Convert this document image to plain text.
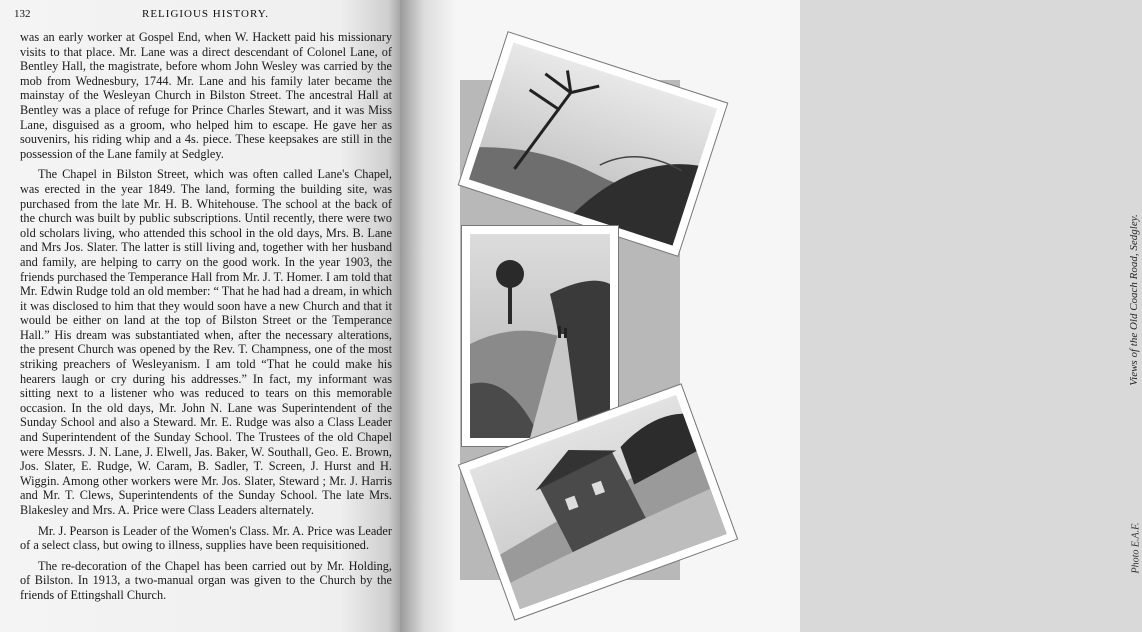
132	RELIGIOUS HISTORY.

was an early worker at Gospel End, when W. Hackett paid his missionary visits to that place. Mr. Lane was a direct descendant of Colonel Lane, of Bentley Hall, the magistrate, before whom John Wesley was carried by the mob from Wednesbury, 1744. Mr. Lane and his family later became the mainstay of the Wesleyan Church in Bilston Street. The ancestral Hall at Bentley was a place of refuge for Prince Charles Stewart, and it was Miss Lane, disguised as a groom, who helped him to escape. He gave her as souvenirs, his riding whip and a 4s. piece. These keepsakes are still in the possession of the Lane family at Sedgley.

The Chapel in Bilston Street, which was often called Lane's Chapel, was erected in the year 1849. The land, forming the building site, was purchased from the late Mr. H. B. Whitehouse. The school at the back of the church was built by public subscriptions. Until recently, there were two old scholars living, who attended this school in the old days, Mrs. B. Lane and Mrs Jos. Slater. The latter is still living and, together with her husband and family, are helping to carry on the good work. In the year 1903, the friends purchased the Temperance Hall from Mr. J. T. Homer. I am told that Mr. Edwin Rudge told an old member: “ That he had had a dream, in which it was disclosed to him that they would soon have a new Church and that it would be either on land at the top of Bilston Street or the Temperance Hall.” His dream was substantiated when, after the necessary alterations, the present Church was opened by the Rev. T. Champness, one of the most striking preachers of Wesleyanism. I am told “That he could make his hearers laugh or cry during his addresses.” In fact, my informant was sitting next to a listener who was reduced to tears on this memorable occasion. In the old days, Mr. John N. Lane was Superintendent of the Sunday School and also a Steward. Mr. E. Rudge was also a Class Leader and Superintendent of the Sunday School. The Trustees of the old Chapel were Messrs. J. N. Lane, J. Elwell, Jas. Baker, W. Southall, Geo. E. Brown, Jos. Slater, E. Rudge, W. Caram, B. Sadler, T. Screen, J. Hurst and H. Wiggin. Among other workers were Mr. Jos. Slater, Steward ; Mr. J. Harris and Mr. T. Clews, Superintendents of the Sunday School. The late Mrs. Blakesley and Mrs. A. Price were Class Leaders alternately.

Mr. J. Pearson is Leader of the Women's Class. Mr. A. Price was Leader of a select class, but owing to illness, supplies have been requisitioned.

The re-decoration of the Chapel has been carried out by Mr. Holding, of Bilston. In 1913, a two-manual organ was given to the Church by the friends of Ettingshall Church.

Views of the Old Coach Road, Sedgley.
Photo E.A.F.
